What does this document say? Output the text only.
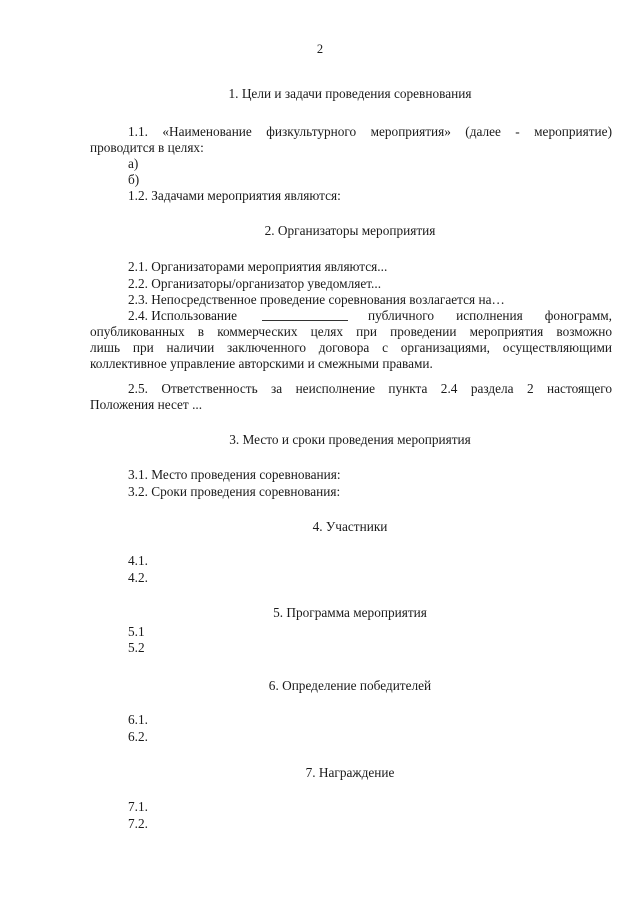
2
1. Цели и задачи проведения соревнования
1.1. «Наименование физкультурного мероприятия» (далее - мероприятие)
проводится в целях:
а)
б)
1.2. Задачами мероприятия являются:
2. Организаторы мероприятия
2.1. Организаторами мероприятия являются...
2.2. Организаторы/организатор уведомляет...
2.3. Непосредственное проведение соревнования возлагается на…
2.4. Использование	публичного исполнения фонограмм,
опубликованных в коммерческих целях при проведении мероприятия возможно
лишь при наличии заключенного договора с организациями, осуществляющими
коллективное управление авторскими и смежными правами.
2.5. Ответственность за неисполнение пункта 2.4 раздела 2 настоящего
Положения несет ...
3. Место и сроки проведения мероприятия
3.1. Место проведения соревнования:
3.2. Сроки проведения соревнования:
4. Участники
4.1.
4.2.
5. Программа мероприятия
5.1
5.2
6. Определение победителей
6.1.
6.2.
7. Награждение
7.1.
7.2.
